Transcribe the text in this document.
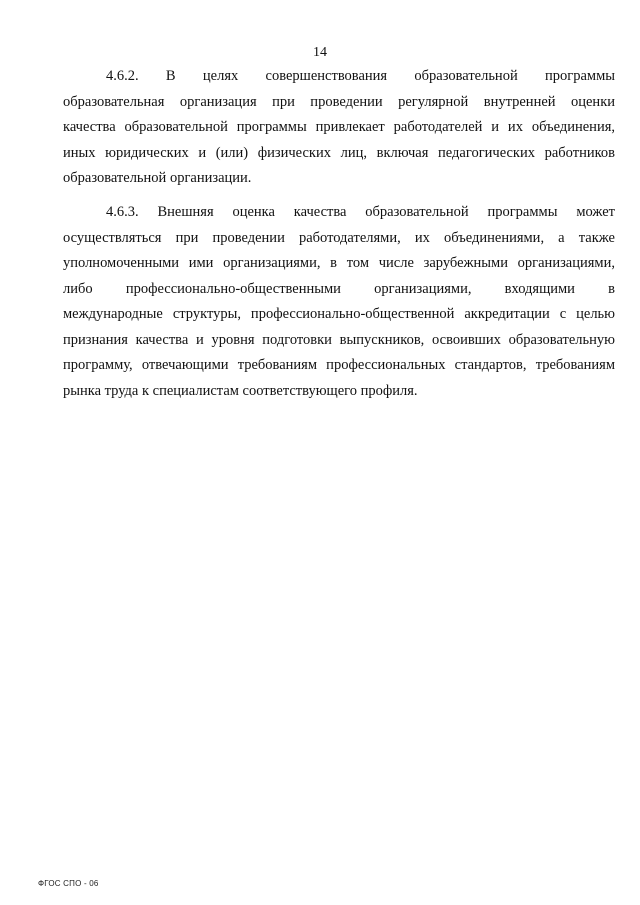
14

4.6.2. В целях совершенствования образовательной программы
образовательная организация при проведении регулярной внутренней оценки
качества образовательной программы привлекает работодателей и их объединения,
иных юридических и (или) физических лиц, включая педагогических работников
образовательной организации.

4.6.3. Внешняя оценка качества образовательной программы может
осуществляться при проведении работодателями, их объединениями, а также
уполномоченными ими организациями, в том числе зарубежными организациями,
либо профессионально-общественными организациями, входящими в
международные структуры, профессионально-общественной аккредитации с целью
признания качества и уровня подготовки выпускников, освоивших образовательную
программу, отвечающими требованиям профессиональных стандартов, требованиям
рынка труда к специалистам соответствующего профиля.

ФГОС СПО - 06
